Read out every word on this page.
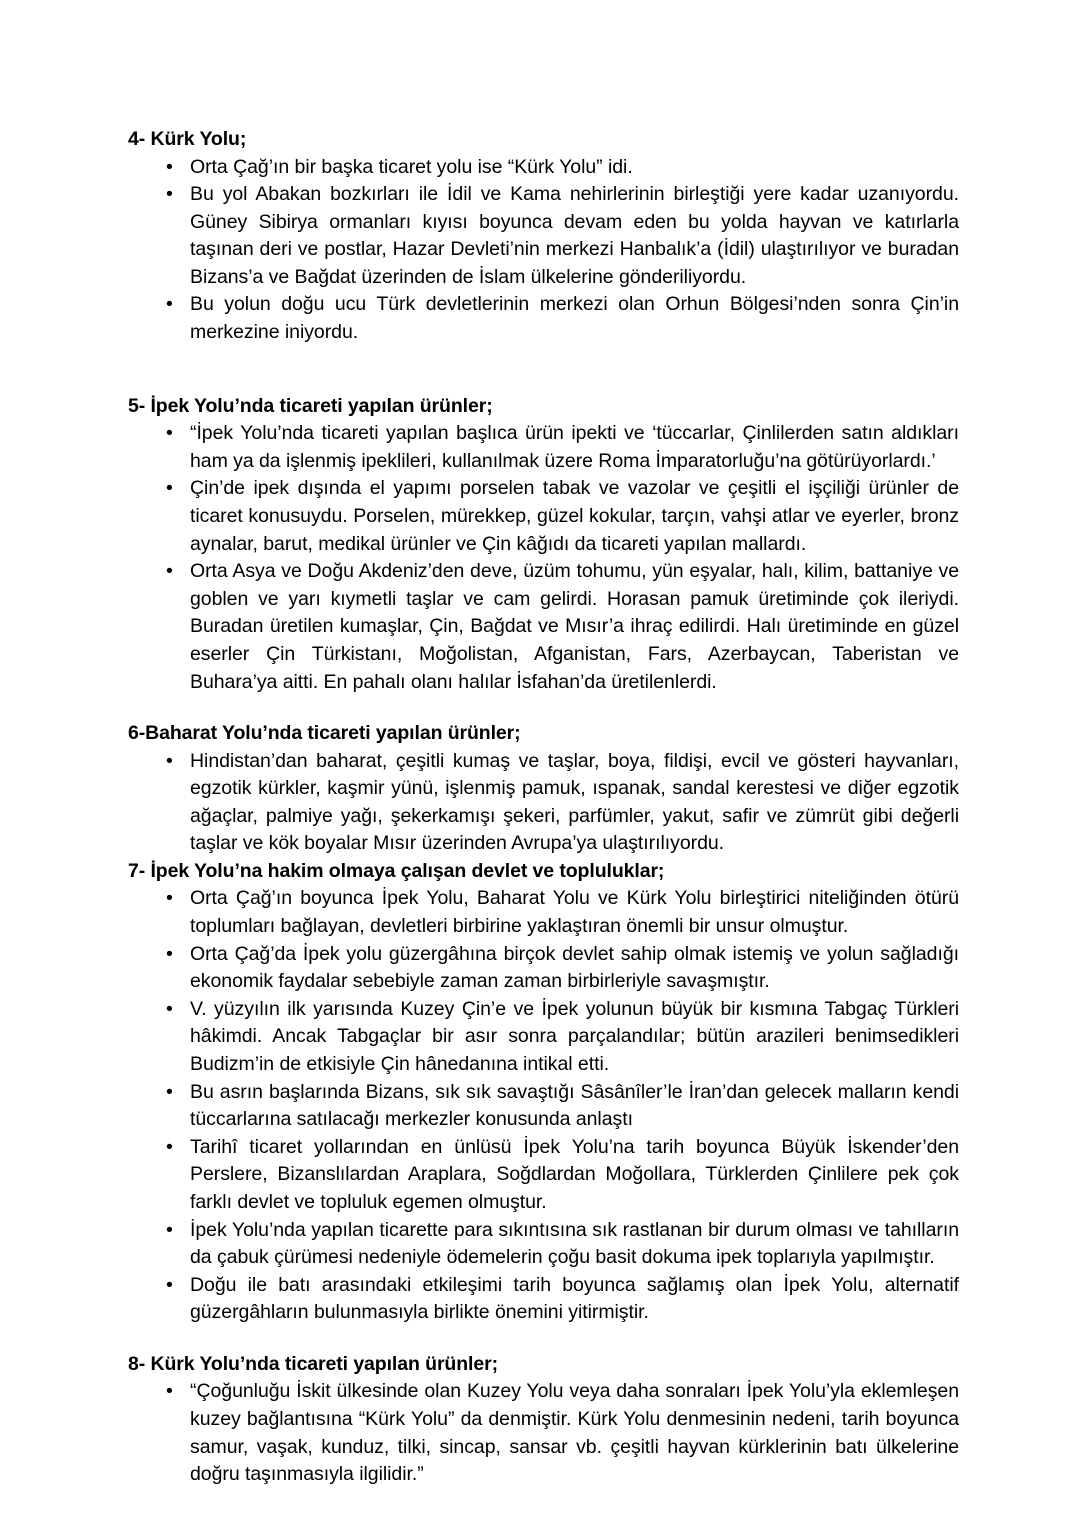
4- Kürk Yolu;
• Orta Çağ’ın bir başka ticaret yolu ise “Kürk Yolu” idi.
• Bu yol Abakan bozkırları ile İdil ve Kama nehirlerinin birleştiği yere kadar uzanıyordu. Güney Sibirya ormanları kıyısı boyunca devam eden bu yolda hayvan ve katırlarla taşınan deri ve postlar, Hazar Devleti’nin merkezi Hanbalık’a (İdil) ulaştırılıyor ve buradan Bizans’a ve Bağdat üzerinden de İslam ülkelerine gönderiliyordu.
• Bu yolun doğu ucu Türk devletlerinin merkezi olan Orhun Bölgesi’nden sonra Çin’in merkezine iniyordu.
5- İpek Yolu’nda ticareti yapılan ürünler;
• “İpek Yolu’nda ticareti yapılan başlıca ürün ipekti ve ‘tüccarlar, Çinlilerden satın aldıkları ham ya da işlenmiş ipeklileri, kullanılmak üzere Roma İmparatorluğu’na götürüyorlardı.’
• Çin’de ipek dışında el yapımı porselen tabak ve vazolar ve çeşitli el işçiliği ürünler de ticaret konusuydu. Porselen, mürekkep, güzel kokular, tarçın, vahşi atlar ve eyerler, bronz aynalar, barut, medikal ürünler ve Çin kâğıdı da ticareti yapılan mallardı.
• Orta Asya ve Doğu Akdeniz’den deve, üzüm tohumu, yün eşyalar, halı, kilim, battaniye ve goblen ve yarı kıymetli taşlar ve cam gelirdi. Horasan pamuk üretiminde çok ileriydi. Buradan üretilen kumaşlar, Çin, Bağdat ve Mısır’a ihraç edilirdi. Halı üretiminde en güzel eserler Çin Türkistanı, Moğolistan, Afganistan, Fars, Azerbaycan, Taberistan ve Buhara’ya aitti. En pahalı olanı halılar İsfahan’da üretilenlerdi.
6-Baharat Yolu’nda ticareti yapılan ürünler;
• Hindistan’dan baharat, çeşitli kumaş ve taşlar, boya, fildişi, evcil ve gösteri hayvanları, egzotik kürkler, kaşmir yünü, işlenmiş pamuk, ıspanak, sandal kerestesi ve diğer egzotik ağaçlar, palmiye yağı, şekerkamışı şekeri, parfümler, yakut, safir ve zümrüt gibi değerli taşlar ve kök boyalar Mısır üzerinden Avrupa’ya ulaştırılıyordu.
7- İpek Yolu’na hakim olmaya çalışan devlet ve topluluklar;
• Orta Çağ’ın boyunca İpek Yolu, Baharat Yolu ve Kürk Yolu birleştirici niteliğinden ötürü toplumları bağlayan, devletleri birbirine yaklaştıran önemli bir unsur olmuştur.
• Orta Çağ’da İpek yolu güzergâhına birçok devlet sahip olmak istemiş ve yolun sağladığı ekonomik faydalar sebebiyle zaman zaman birbirleriyle savaşmıştır.
• V. yüzyılın ilk yarısında Kuzey Çin’e ve İpek yolunun büyük bir kısmına Tabgaç Türkleri hâkimdi. Ancak Tabgaçlar bir asır sonra parçalandılar; bütün arazileri benimsedikleri Budizm’in de etkisiyle Çin hânedanına intikal etti.
• Bu asrın başlarında Bizans, sık sık savaştığı Sâsânîler’le İran’dan gelecek malların kendi tüccarlarına satılacağı merkezler konusunda anlaştı
• Tarihî ticaret yollarından en ünlüsü İpek Yolu’na tarih boyunca Büyük İskender’den Perslere, Bizanslılardan Araplara, Soğdlardan Moğollara, Türklerden Çinlilere pek çok farklı devlet ve topluluk egemen olmuştur.
• İpek Yolu’nda yapılan ticarette para sıkıntısına sık rastlanan bir durum olması ve tahılların da çabuk çürümesi nedeniyle ödemelerin çoğu basit dokuma ipek toplarıyla yapılmıştır.
• Doğu ile batı arasındaki etkileşimi tarih boyunca sağlamış olan İpek Yolu, alternatif güzergâhların bulunmasıyla birlikte önemini yitirmiştir.
8- Kürk Yolu’nda ticareti yapılan ürünler;
• “Çoğunluğu İskit ülkesinde olan Kuzey Yolu veya daha sonraları İpek Yolu’yla eklemleşen kuzey bağlantısına “Kürk Yolu” da denmiştir. Kürk Yolu denmesinin nedeni, tarih boyunca samur, vaşak, kunduz, tilki, sincap, sansar vb. çeşitli hayvan kürklerinin batı ülkelerine doğru taşınmasıyla ilgilidir.”
